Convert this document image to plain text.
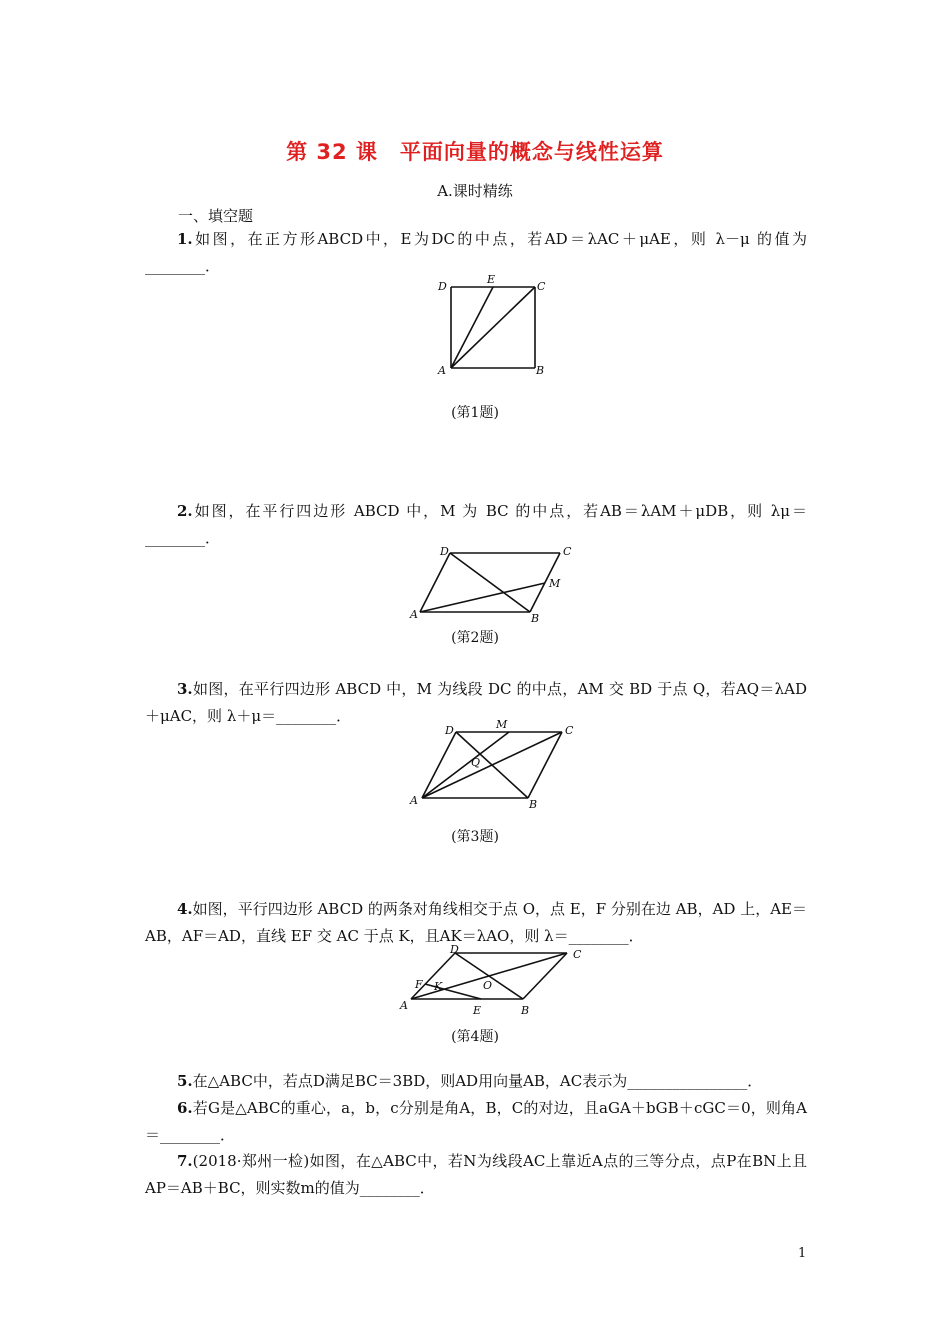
第 32 课　平面向量的概念与线性运算
A.课时精练
一、填空题
1.如图，在正方形ABCD中，E为DC的中点，若AD＝λAC＋μAE，则 λ－μ 的值为________．
D
E
C
A	B
(第1题)
2.如图，在平行四边形 ABCD 中，M 为 BC 的中点，若AB＝λAM＋μDB，则 λμ＝________．
D	C
M
A	B
(第2题)
3.如图，在平行四边形 ABCD 中，M 为线段 DC 的中点，AM 交 BD 于点 Q，若AQ＝λAD＋μAC，则 λ＋μ＝________．
D	M	C
Q
A	B
(第3题)
4.如图，平行四边形 ABCD 的两条对角线相交于点 O，点 E，F 分别在边 AB，AD 上，AE＝AB，AF＝AD，直线 EF 交 AC 于点 K，且AK＝λAO，则 λ＝________．
D	C
F K	O
A	E	B
(第4题)
5.在△ABC中，若点D满足BC＝3BD，则AD用向量AB，AC表示为________________．
6.若G是△ABC的重心，a，b，c分别是角A，B，C的对边，且aGA＋bGB＋cGC＝0，则角A＝________．
7.(2018·郑州一检)如图，在△ABC中，若N为线段AC上靠近A点的三等分点，点P在BN上且AP＝AB＋BC，则实数m的值为________．
1
